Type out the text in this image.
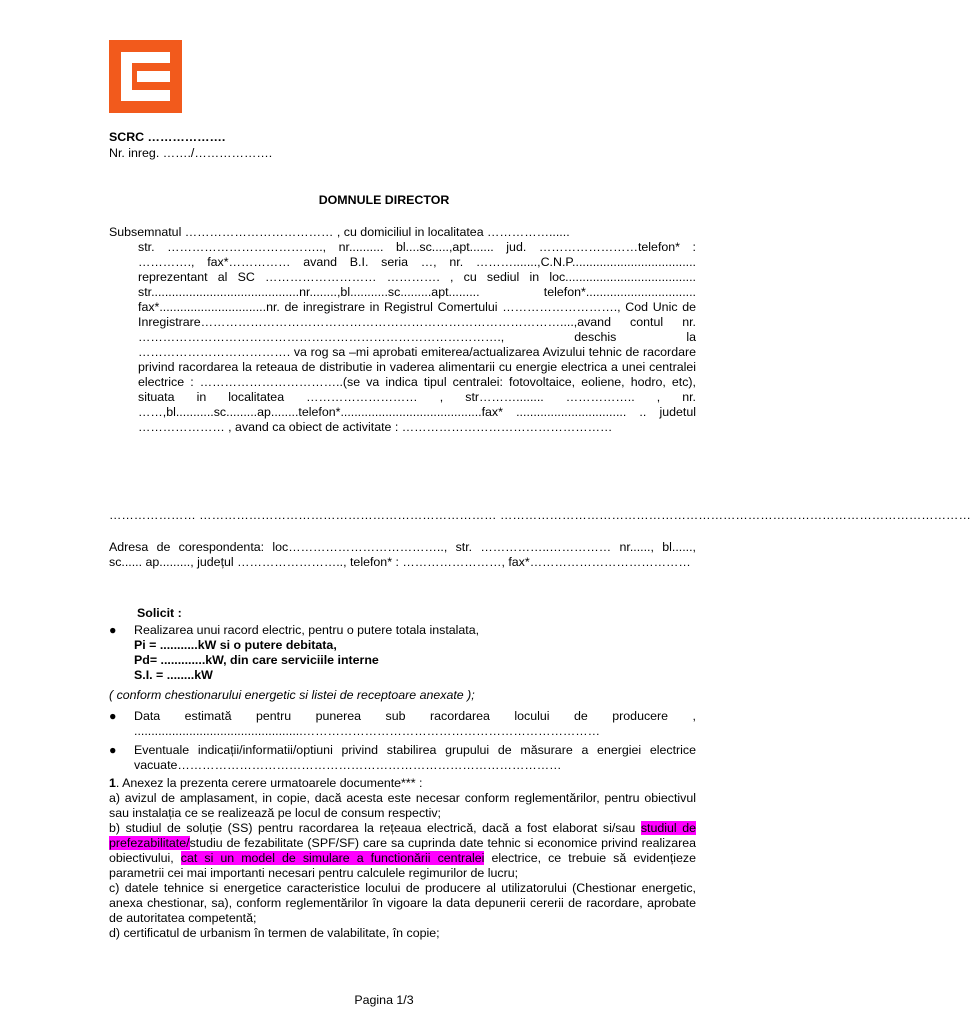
SCRC ……………….
Nr. inreg. ……./……………….
DOMNULE DIRECTOR
Subsemnatul ……………………………… , cu domiciliul in localitatea ……………......
str. ……………………………….., nr.......... bl....sc.....,apt....... jud. ……………………telefon* : …………., fax*…………… avand B.I. seria …, nr. ……….......,C.N.P.................................... reprezentant al SC ……………………… …………. , cu sediul in loc...................................... str...........................................nr........,bl...........sc.........apt......... telefon*................................ fax*...............................nr. de inregistrare in Registrul Comertului ………………………., Cod Unic de Inregistrare……………………………………………………………………………....,avand contul nr. ……………………………………………………………………………., deschis la ………………………………. va rog sa –mi aprobati emiterea/actualizarea Avizului tehnic de racordare privind racordarea la reteaua de distributie in vaderea alimentarii cu energie electrica a unei centralei electrice : ……………………………..(se va indica tipul centralei: fotovoltaice, eoliene, hodro, etc), situata in localitatea ……………………… , str………........ …………….. , nr. ……,bl...........sc.........ap........telefon*.........................................fax* ................................ .. judetul ………………… , avand ca obiect de activitate : ……………………………………………
………………… ……………………………………………………………… ……………………………………………………………………………………………………
Adresa de corespondenta: loc……………………………….., str. ……………..…………… nr......, bl......, sc...... ap........., județul …………………….., telefon* : ……………………, fax*…………………………………
Solicit :
● Realizarea unui racord electric, pentru o putere totala instalata,
Pi = ...........kW si o putere debitata,
Pd= .............kW, din care serviciile interne
S.I. = ........kW
( conform chestionarului energetic si listei de receptoare anexate );
● Data estimată pentru punerea sub racordarea locului de producere , .................................................………………………………………………………………
● Eventuale indicații/informatii/optiuni privind stabilirea grupului de măsurare a energiei electrice vacuate…………………………………………………………………………………
1. Anexez la prezenta cerere urmatoarele documente*** :
a) avizul de amplasament, in copie, dacă acesta este necesar conform reglementărilor, pentru obiectivul sau instalația ce se realizează pe locul de consum respectiv;
b) studiul de soluție (SS) pentru racordarea la rețeaua electrică, dacă a fost elaborat si/sau studiul de prefezabilitate/studiu de fezabilitate (SPF/SF) care sa cuprinda date tehnic si economice privind realizarea obiectivului, cat si un model de simulare a functionării centralei electrice, ce trebuie să evidențieze parametrii cei mai importanti necesari pentru calculele regimurilor de lucru;
c) datele tehnice si energetice caracteristice locului de producere al utilizatorului (Chestionar energetic, anexa chestionar, sa), conform reglementărilor în vigoare la data depunerii cererii de racordare, aprobate de autoritatea competentă;
d) certificatul de urbanism în termen de valabilitate, în copie;
Pagina 1/3
